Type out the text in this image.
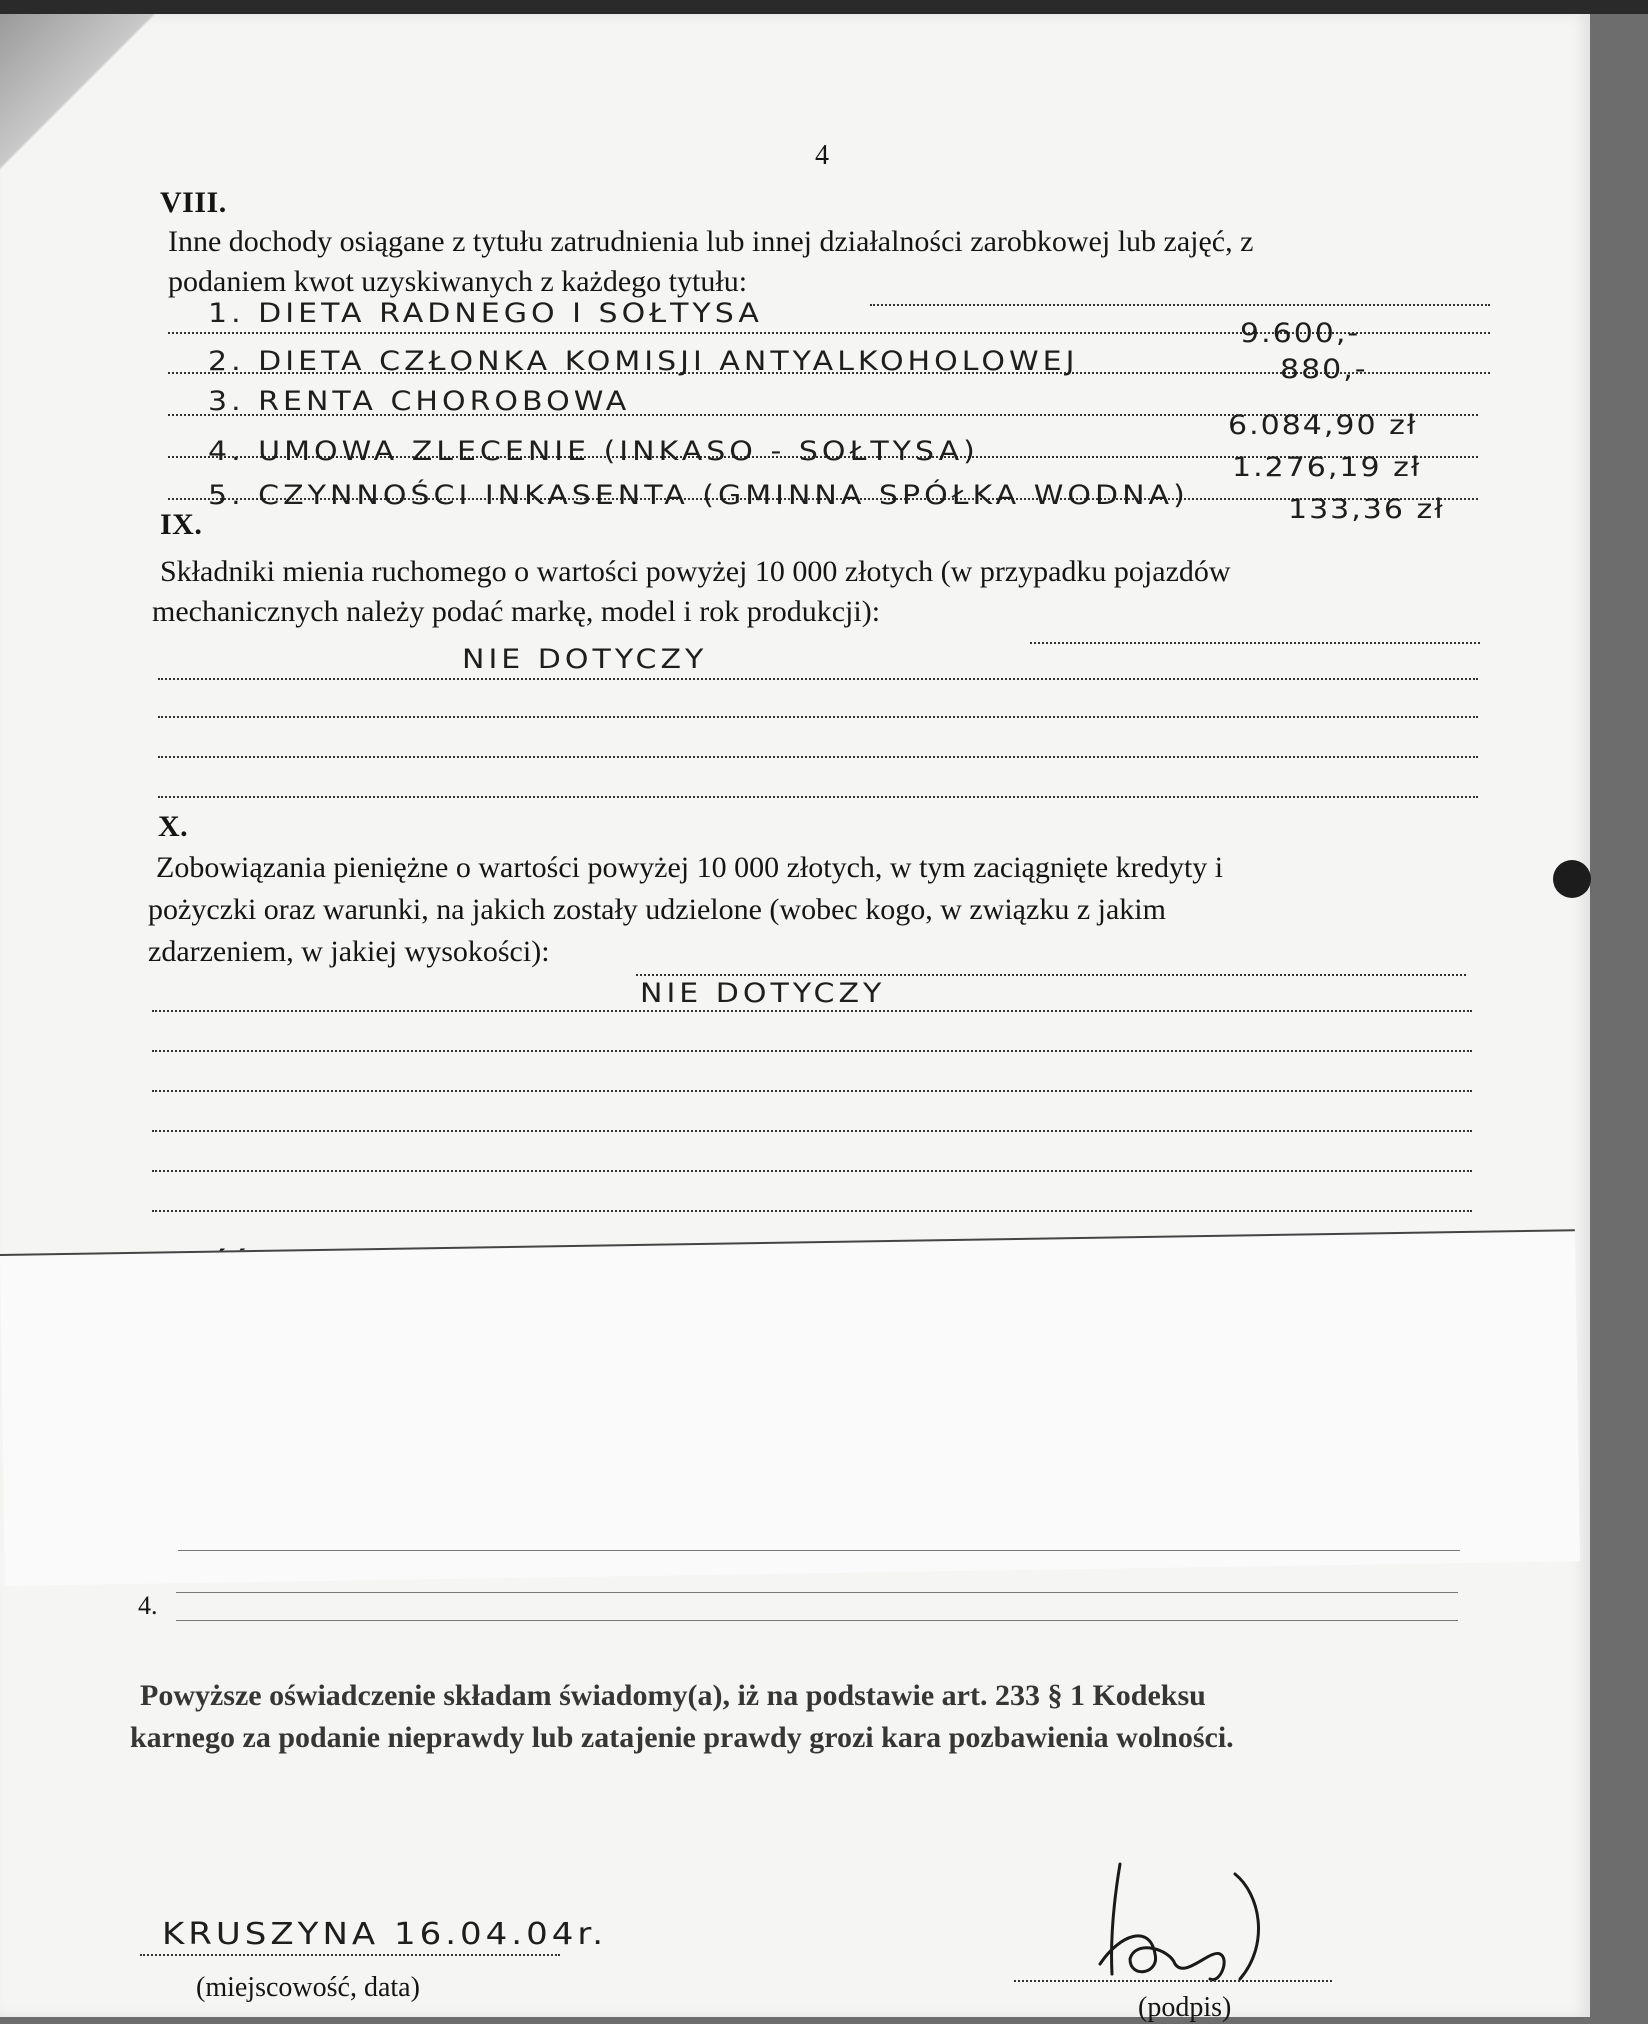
4
VIII.
Inne dochody osiągane z tytułu zatrudnienia lub innej działalności zarobkowej lub zajęć, z
podaniem kwot uzyskiwanych z każdego tytułu:
1. DIETA RADNEGO I SOŁTYSA
9.600,-
2. DIETA CZŁONKA KOMISJI ANTYALKOHOLOWEJ	880,-
3. RENTA CHOROBOWA
6.084,90 zł
4. UMOWA ZLECENIE (INKASO - SOŁTYSA)
1.276,19 zł
5. CZYNNOŚCI INKASENTA (GMINNA SPÓŁKA WODNA)	133,36 zł
IX.
Składniki mienia ruchomego o wartości powyżej 10 000 złotych (w przypadku pojazdów
mechanicznych należy podać markę, model i rok produkcji):
NIE DOTYCZY
X.
Zobowiązania pieniężne o wartości powyżej 10 000 złotych, w tym zaciągnięte kredyty i
pożyczki oraz warunki, na jakich zostały udzielone (wobec kogo, w związku z jakim
zdarzeniem, w jakiej wysokości):
NIE DOTYCZY
4.
Powyższe oświadczenie składam świadomy(a), iż na podstawie art. 233 § 1 Kodeksu
karnego za podanie nieprawdy lub zatajenie prawdy grozi kara pozbawienia wolności.
KRUSZYNA 16.04.04r.
(miejscowość, data)
(podpis)
